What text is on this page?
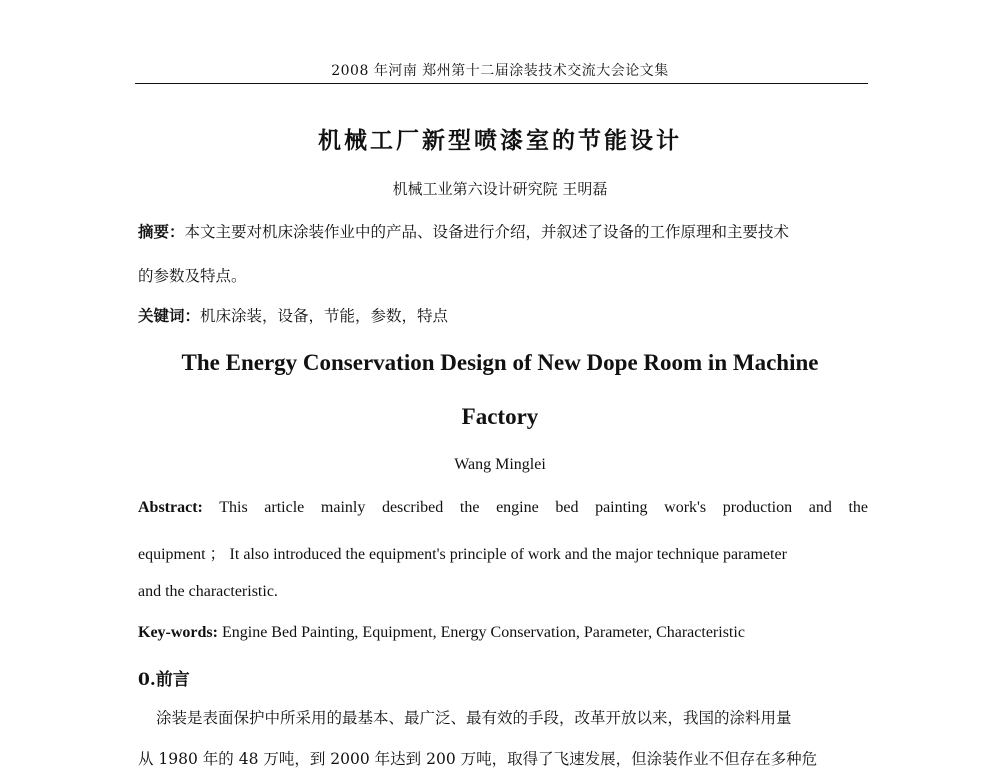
2008 年河南 郑州第十二届涂装技术交流大会论文集
机械工厂新型喷漆室的节能设计
机械工业第六设计研究院 王明磊
摘要：本文主要对机床涂装作业中的产品、设备进行介绍，并叙述了设备的工作原理和主要技术
的参数及特点。
关键词：机床涂装，设备，节能，参数，特点
The Energy Conservation Design of New Dope Room in Machine
Factory
Wang Minglei
Abstract: This article mainly described the engine bed painting work's production and the
equipment ； It also introduced the equipment's principle of work and the major technique parameter
and the characteristic.
Key-words: Engine Bed Painting, Equipment, Energy Conservation, Parameter, Characteristic
0.前言
涂装是表面保护中所采用的最基本、最广泛、最有效的手段，改革开放以来，我国的涂料用量
从 1980 年的 48 万吨，到 2000 年达到 200 万吨，取得了飞速发展，但涂装作业不但存在多种危
